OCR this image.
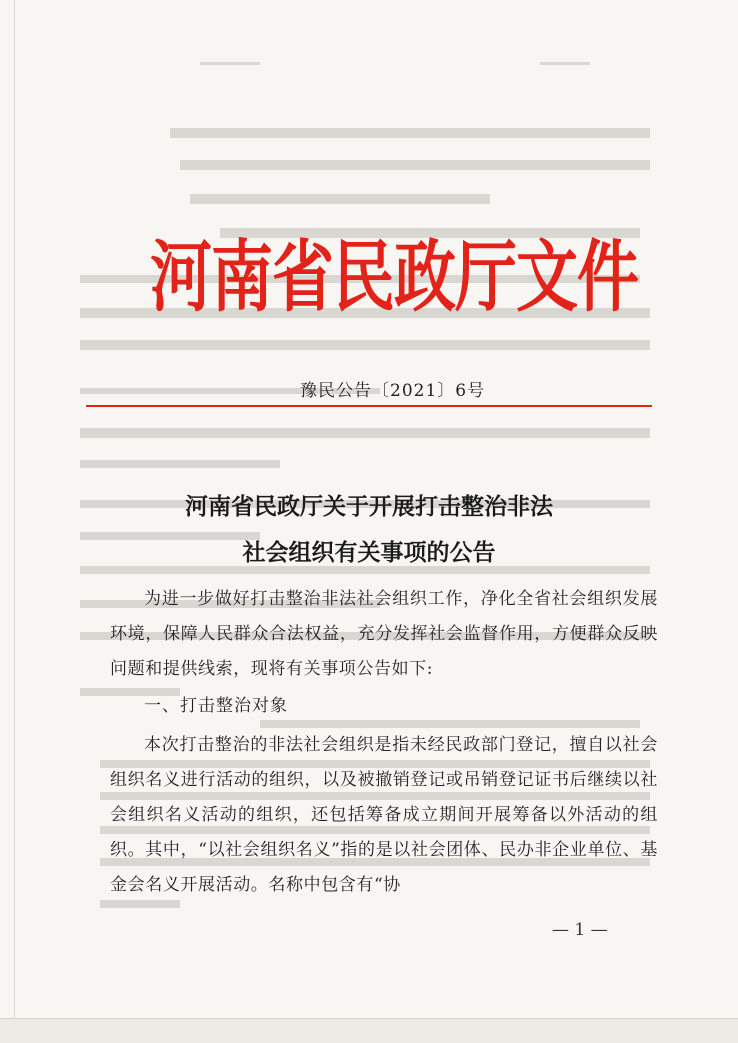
河南省民政厅文件
豫民公告〔2021〕6号
河南省民政厅关于开展打击整治非法
社会组织有关事项的公告
为进一步做好打击整治非法社会组织工作，净化全省社会组织发展环境，保障人民群众合法权益，充分发挥社会监督作用，方便群众反映问题和提供线索，现将有关事项公告如下:
一、打击整治对象
本次打击整治的非法社会组织是指未经民政部门登记，擅自以社会组织名义进行活动的组织，以及被撤销登记或吊销登记证书后继续以社会组织名义活动的组织，还包括筹备成立期间开展筹备以外活动的组织。其中，“以社会组织名义”指的是以社会团体、民办非企业单位、基金会名义开展活动。名称中包含有“协
— 1 —
